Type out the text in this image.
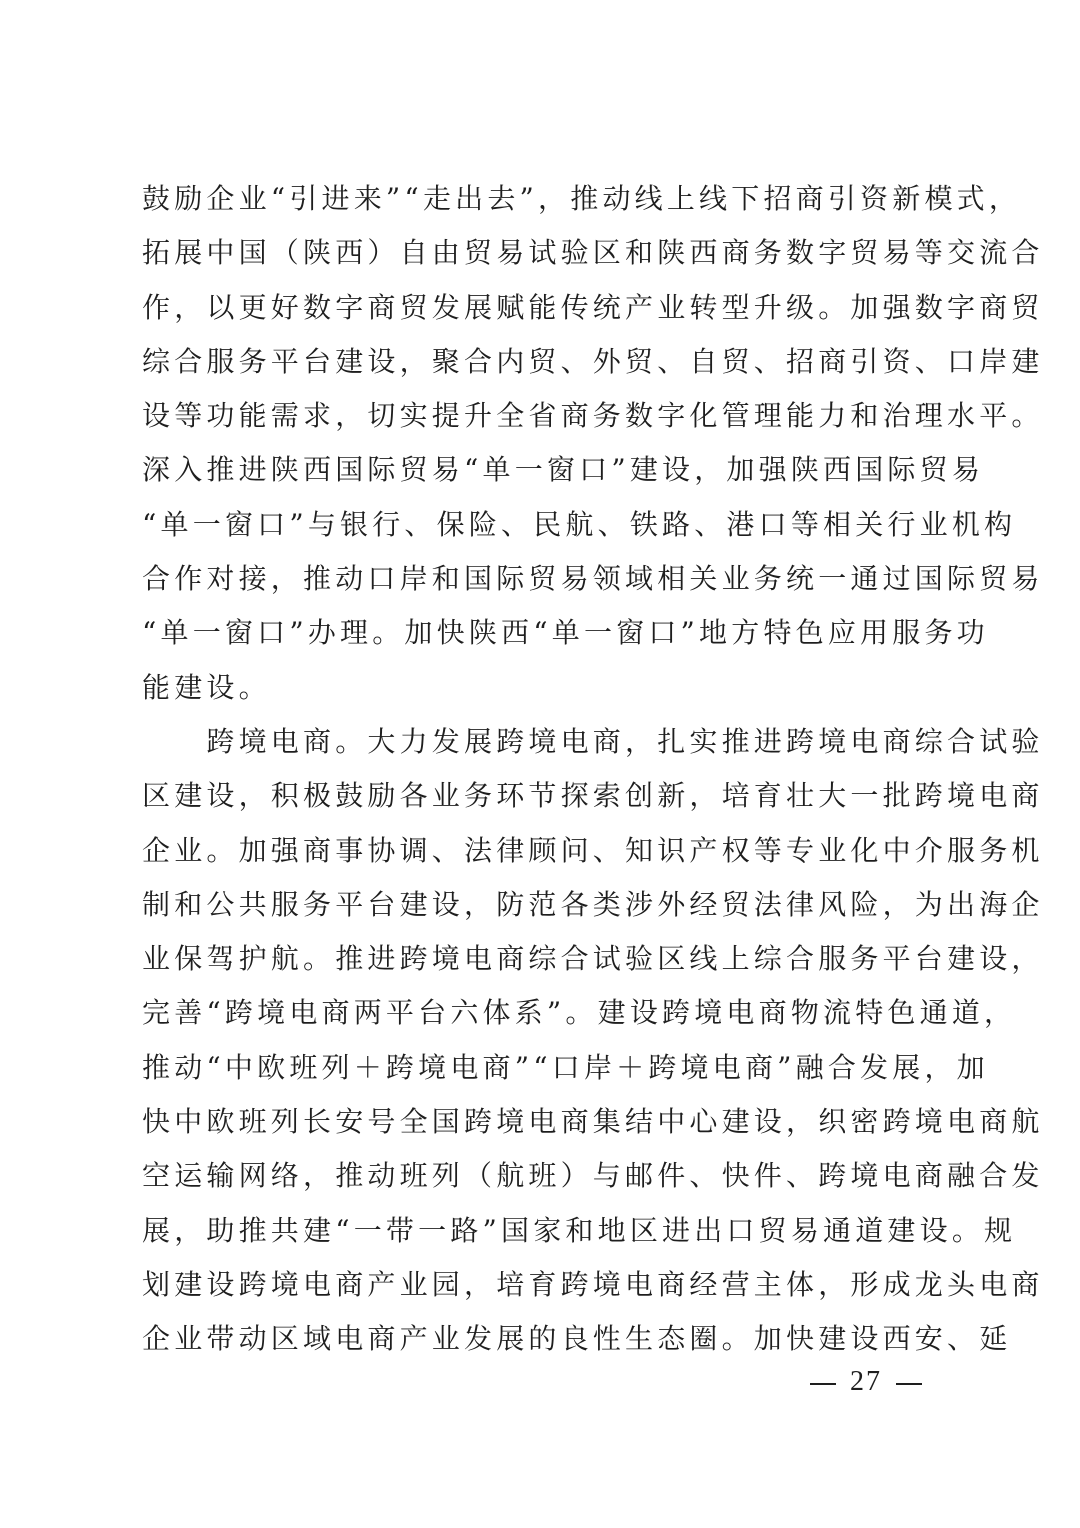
鼓励企业“引进来”“走出去”，推动线上线下招商引资新模式，
拓展中国（陕西）自由贸易试验区和陕西商务数字贸易等交流合
作，以更好数字商贸发展赋能传统产业转型升级。加强数字商贸
综合服务平台建设，聚合内贸、外贸、自贸、招商引资、口岸建
设等功能需求，切实提升全省商务数字化管理能力和治理水平。
深入推进陕西国际贸易“单一窗口”建设，加强陕西国际贸易
“单一窗口”与银行、保险、民航、铁路、港口等相关行业机构
合作对接，推动口岸和国际贸易领域相关业务统一通过国际贸易
“单一窗口”办理。加快陕西“单一窗口”地方特色应用服务功
能建设。
　　跨境电商。大力发展跨境电商，扎实推进跨境电商综合试验
区建设，积极鼓励各业务环节探索创新，培育壮大一批跨境电商
企业。加强商事协调、法律顾问、知识产权等专业化中介服务机
制和公共服务平台建设，防范各类涉外经贸法律风险，为出海企
业保驾护航。推进跨境电商综合试验区线上综合服务平台建设，
完善“跨境电商两平台六体系”。建设跨境电商物流特色通道，
推动“中欧班列＋跨境电商”“口岸＋跨境电商”融合发展，加
快中欧班列长安号全国跨境电商集结中心建设，织密跨境电商航
空运输网络，推动班列（航班）与邮件、快件、跨境电商融合发
展，助推共建“一带一路”国家和地区进出口贸易通道建设。规
划建设跨境电商产业园，培育跨境电商经营主体，形成龙头电商
企业带动区域电商产业发展的良性生态圈。加快建设西安、延
27
